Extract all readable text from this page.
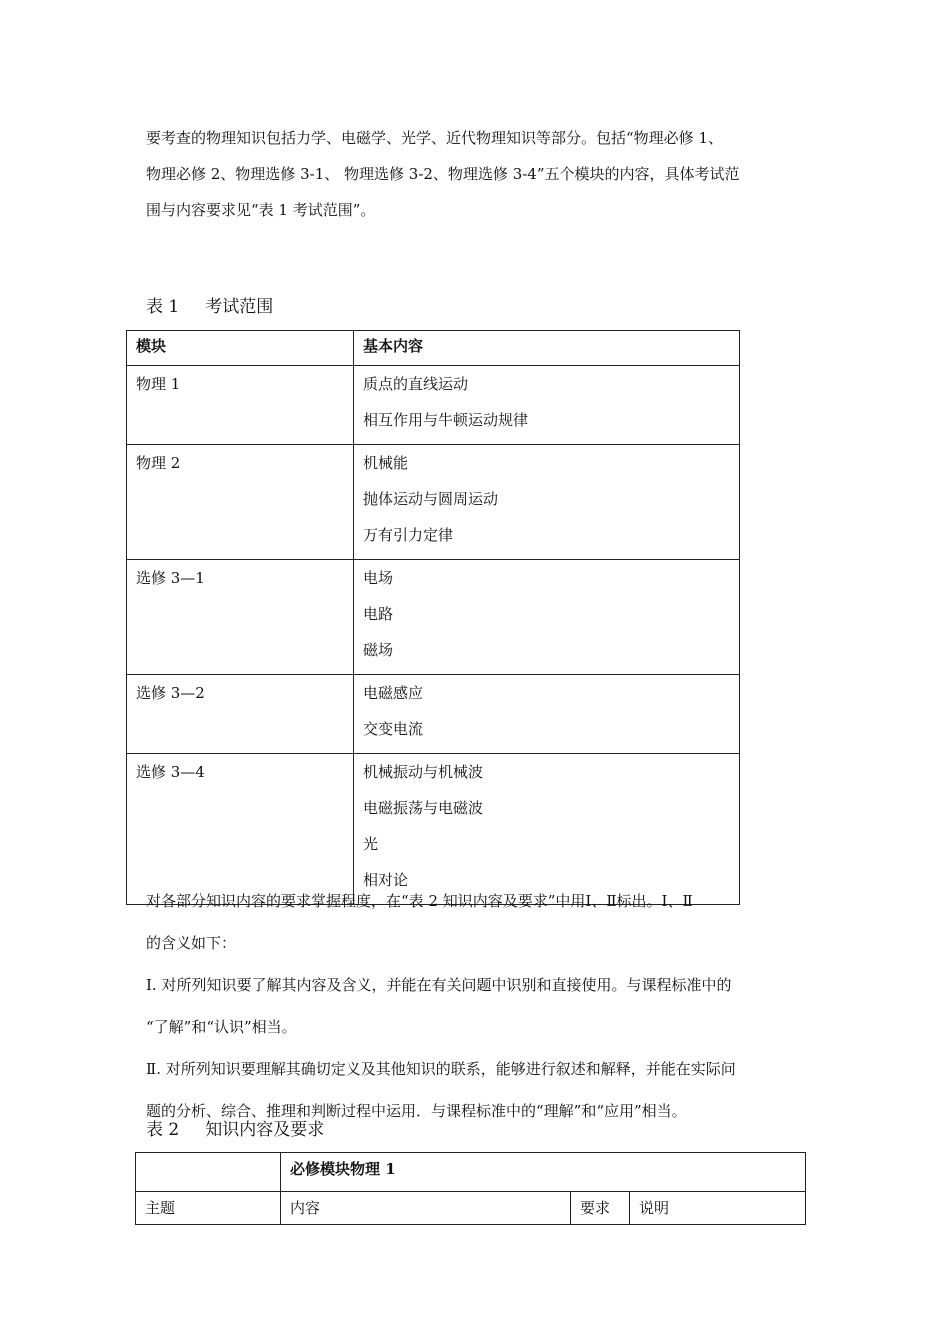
要考查的物理知识包括力学、电磁学、光学、近代物理知识等部分。包括“物理必修 1、
物理必修 2、物理选修 3-1、 物理选修 3-2、物理选修 3-4”五个模块的内容，具体考试范
围与内容要求见“表 1 考试范围”。
表 1 考试范围
模块	基本内容

物理 1	质点的直线运动
相互作用与牛顿运动规律

物理 2	机械能
抛体运动与圆周运动
万有引力定律

选修 3—1	电场
电路
磁场

选修 3—2	电磁感应
交变电流

选修 3—4	机械振动与机械波
电磁振荡与电磁波
光
相对论
对各部分知识内容的要求掌握程度，在“表 2 知识内容及要求”中用Ⅰ、Ⅱ标出。Ⅰ、Ⅱ
的含义如下：
Ⅰ. 对所列知识要了解其内容及含义，并能在有关问题中识别和直接使用。与课程标准中的
“了解”和“认识”相当。
Ⅱ. 对所列知识要理解其确切定义及其他知识的联系，能够进行叙述和解释，并能在实际问
题的分析、综合、推理和判断过程中运用．与课程标准中的“理解”和“应用”相当。
表 2 知识内容及要求
	必修模块物理 1		
主题	内容	要求	说明
